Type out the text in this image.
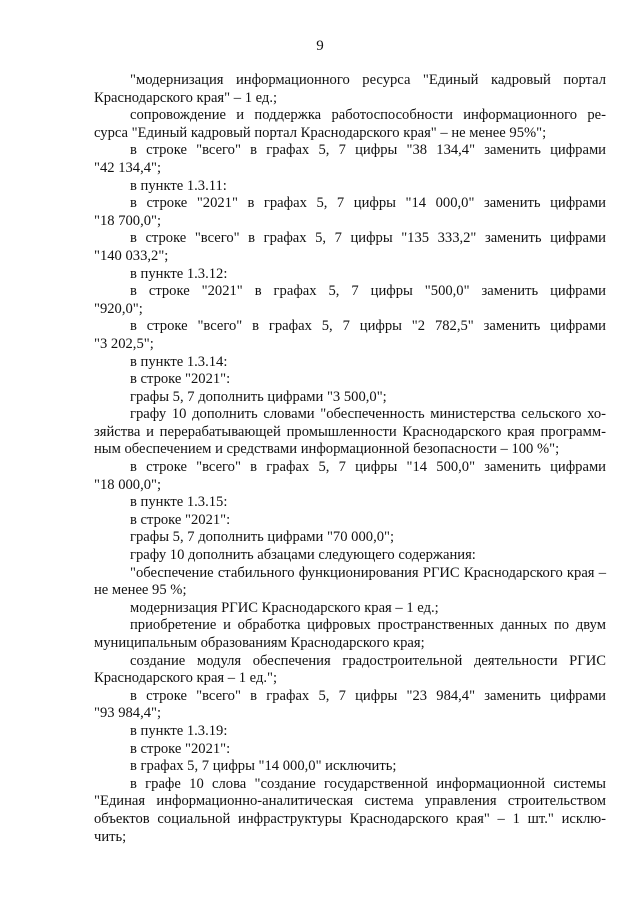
9
"модернизация информационного ресурса "Единый кадровый портал
Краснодарского края" – 1 ед.;
сопровождение и поддержка работоспособности информационного ре-
сурса "Единый кадровый портал Краснодарского края" – не менее 95%";
в строке "всего" в графах 5, 7 цифры "38 134,4" заменить цифрами
"42 134,4";
в пункте 1.3.11:
в строке "2021" в графах 5, 7 цифры "14 000,0" заменить цифрами
"18 700,0";
в строке "всего" в графах 5, 7 цифры "135 333,2" заменить цифрами
"140 033,2";
в пункте 1.3.12:
в строке "2021" в графах 5, 7 цифры "500,0" заменить цифрами
"920,0";
в строке "всего" в графах 5, 7 цифры "2 782,5" заменить цифрами
"3 202,5";
в пункте 1.3.14:
в строке "2021":
графы 5, 7 дополнить цифрами "3 500,0";
графу 10 дополнить словами "обеспеченность министерства сельского хо-
зяйства и перерабатывающей промышленности Краснодарского края программ-
ным обеспечением и средствами информационной безопасности – 100 %";
в строке "всего" в графах 5, 7 цифры "14 500,0" заменить цифрами
"18 000,0";
в пункте 1.3.15:
в строке "2021":
графы 5, 7 дополнить цифрами "70 000,0";
графу 10 дополнить абзацами следующего содержания:
"обеспечение стабильного функционирования РГИС Краснодарского края –
не менее 95 %;
модернизация РГИС Краснодарского края – 1 ед.;
приобретение и обработка цифровых пространственных данных по двум
муниципальным образованиям Краснодарского края;
создание модуля обеспечения градостроительной деятельности РГИС
Краснодарского края – 1 ед.";
в строке "всего" в графах 5, 7 цифры "23 984,4" заменить цифрами
"93 984,4";
в пункте 1.3.19:
в строке "2021":
в графах 5, 7 цифры "14 000,0" исключить;
в графе 10 слова "создание государственной информационной системы
"Единая информационно-аналитическая система управления строительством
объектов социальной инфраструктуры Краснодарского края" – 1 шт." исклю-
чить;
